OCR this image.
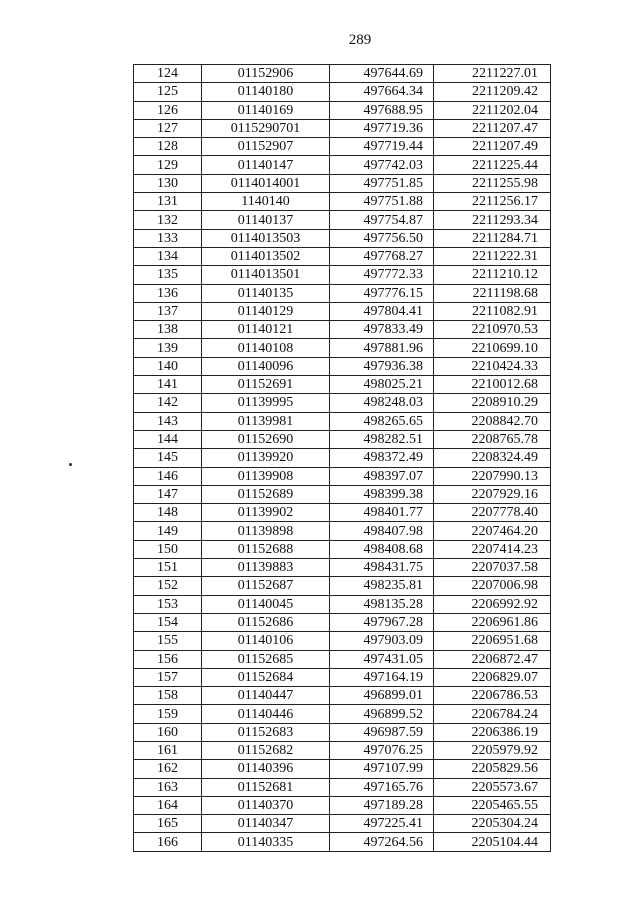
289
124	01152906	497644.69	2211227.01
125	01140180	497664.34	2211209.42
126	01140169	497688.95	2211202.04
127	0115290701	497719.36	2211207.47
128	01152907	497719.44	2211207.49
129	01140147	497742.03	2211225.44
130	0114014001	497751.85	2211255.98
131	1140140	497751.88	2211256.17
132	01140137	497754.87	2211293.34
133	0114013503	497756.50	2211284.71
134	0114013502	497768.27	2211222.31
135	0114013501	497772.33	2211210.12
136	01140135	497776.15	2211198.68
137	01140129	497804.41	2211082.91
138	01140121	497833.49	2210970.53
139	01140108	497881.96	2210699.10
140	01140096	497936.38	2210424.33
141	01152691	498025.21	2210012.68
142	01139995	498248.03	2208910.29
143	01139981	498265.65	2208842.70
144	01152690	498282.51	2208765.78
145	01139920	498372.49	2208324.49
146	01139908	498397.07	2207990.13
147	01152689	498399.38	2207929.16
148	01139902	498401.77	2207778.40
149	01139898	498407.98	2207464.20
150	01152688	498408.68	2207414.23
151	01139883	498431.75	2207037.58
152	01152687	498235.81	2207006.98
153	01140045	498135.28	2206992.92
154	01152686	497967.28	2206961.86
155	01140106	497903.09	2206951.68
156	01152685	497431.05	2206872.47
157	01152684	497164.19	2206829.07
158	01140447	496899.01	2206786.53
159	01140446	496899.52	2206784.24
160	01152683	496987.59	2206386.19
161	01152682	497076.25	2205979.92
162	01140396	497107.99	2205829.56
163	01152681	497165.76	2205573.67
164	01140370	497189.28	2205465.55
165	01140347	497225.41	2205304.24
166	01140335	497264.56	2205104.44
